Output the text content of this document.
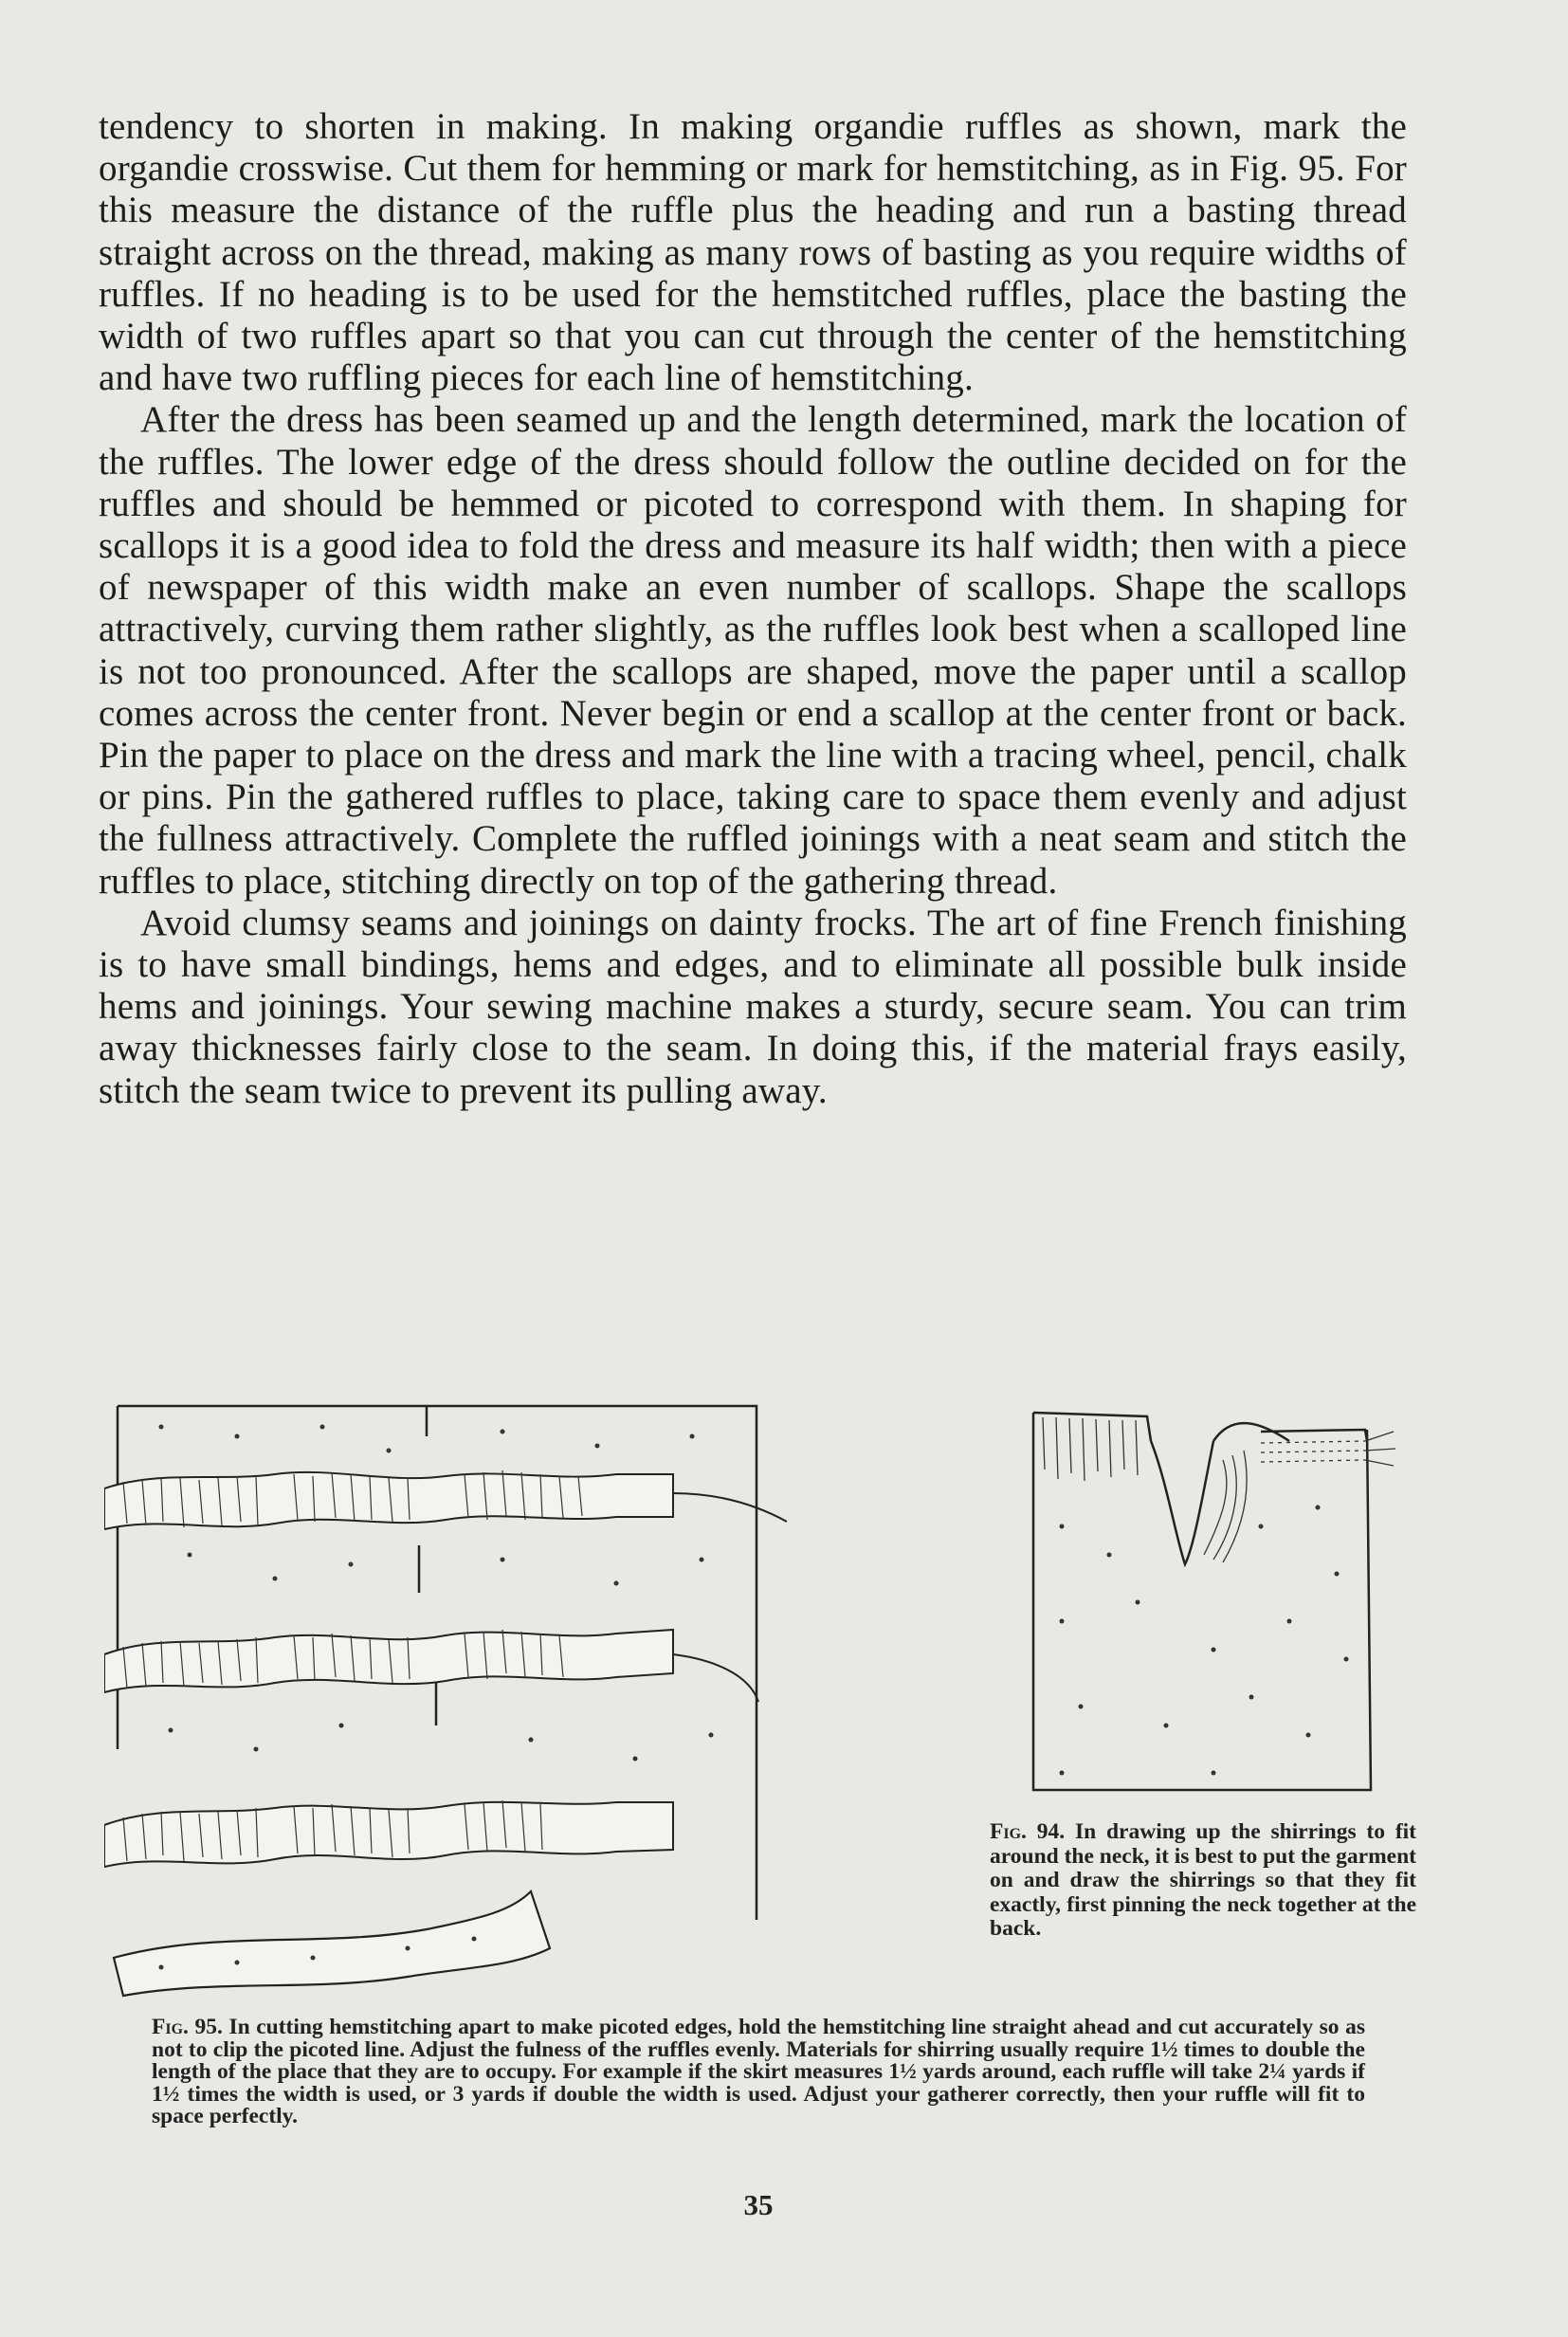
tendency to shorten in making. In making organdie ruffles as shown, mark the organdie crosswise. Cut them for hemming or mark for hemstitching, as in Fig. 95. For this measure the distance of the ruffle plus the heading and run a basting thread straight across on the thread, making as many rows of basting as you require widths of ruffles. If no heading is to be used for the hemstitched ruffles, place the basting the width of two ruffles apart so that you can cut through the center of the hemstitching and have two ruffling pieces for each line of hemstitching.

After the dress has been seamed up and the length determined, mark the location of the ruffles. The lower edge of the dress should follow the outline decided on for the ruffles and should be hemmed or picoted to correspond with them. In shaping for scallops it is a good idea to fold the dress and measure its half width; then with a piece of newspaper of this width make an even number of scallops. Shape the scallops attractively, curving them rather slightly, as the ruffles look best when a scalloped line is not too pronounced. After the scallops are shaped, move the paper until a scallop comes across the center front. Never begin or end a scallop at the center front or back. Pin the paper to place on the dress and mark the line with a tracing wheel, pencil, chalk or pins. Pin the gathered ruffles to place, taking care to space them evenly and adjust the fullness attractively. Complete the ruffled joinings with a neat seam and stitch the ruffles to place, stitching directly on top of the gathering thread.

Avoid clumsy seams and joinings on dainty frocks. The art of fine French finishing is to have small bindings, hems and edges, and to eliminate all possible bulk inside hems and joinings. Your sewing machine makes a sturdy, secure seam. You can trim away thicknesses fairly close to the seam. In doing this, if the material frays easily, stitch the seam twice to prevent its pulling away.

Fig. 94. In drawing up the shirrings to fit around the neck, it is best to put the garment on and draw the shirrings so that they fit exactly, first pinning the neck together at the back.
Fig. 95. In cutting hemstitching apart to make picoted edges, hold the hemstitching line straight ahead and cut accurately so as not to clip the picoted line. Adjust the fulness of the ruffles evenly. Materials for shirring usually require 1½ times to double the length of the place that they are to occupy. For example if the skirt measures 1½ yards around, each ruffle will take 2¼ yards if 1½ times the width is used, or 3 yards if double the width is used. Adjust your gatherer correctly, then your ruffle will fit to space perfectly.
35
